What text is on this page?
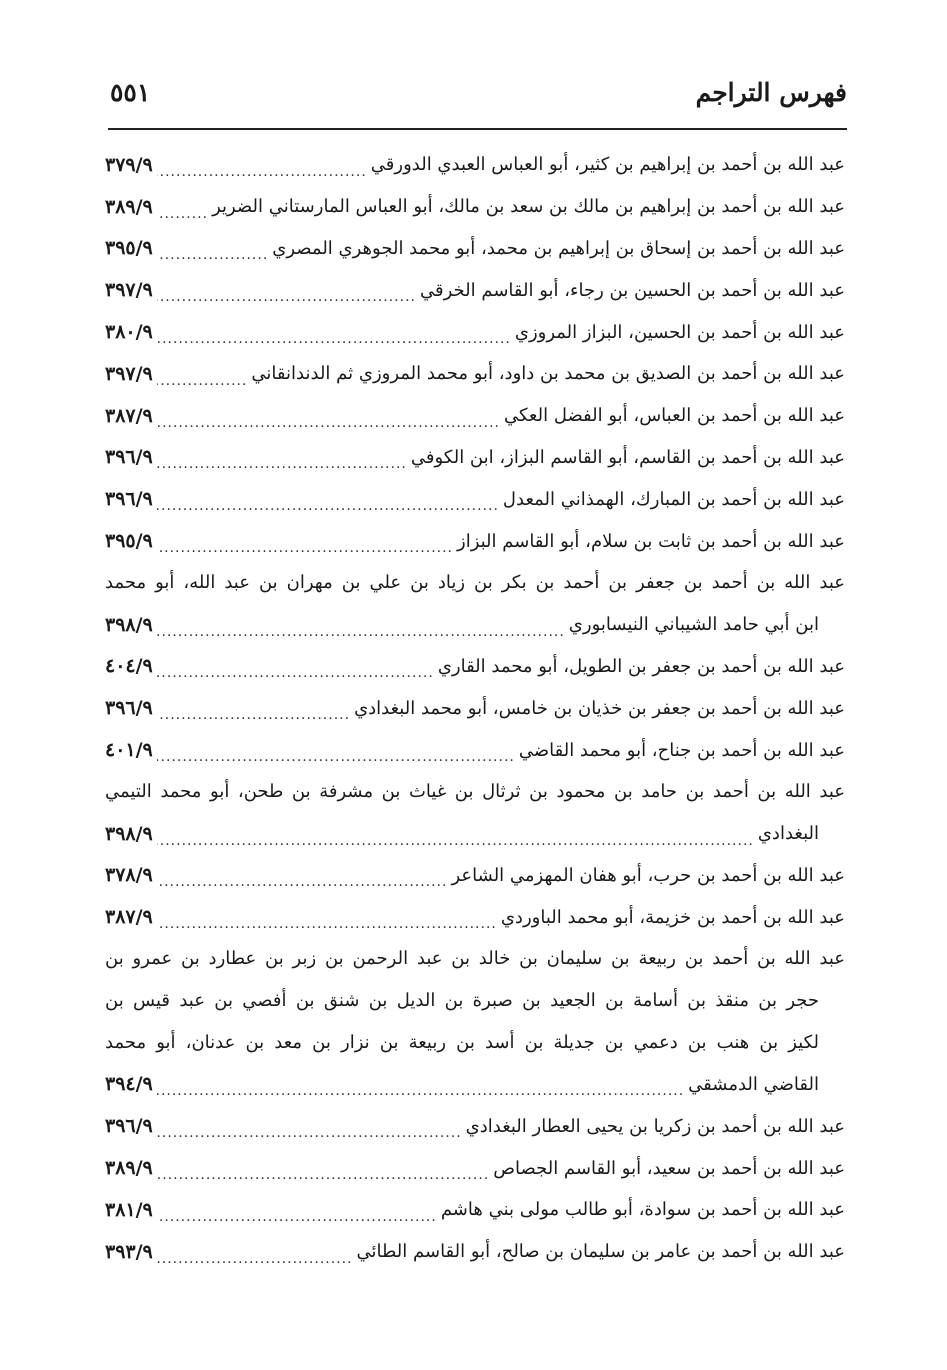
فهرس التراجم
٥٥١
عبد الله بن أحمد بن إبراهيم بن كثير، أبو العباس العبدي الدورقي
.....
٣٧٩/٩
عبد الله بن أحمد بن إبراهيم بن مالك بن سعد بن مالك، أبو العباس المارستاني الضرير
.....
٣٨٩/٩
عبد الله بن أحمد بن إسحاق بن إبراهيم بن محمد، أبو محمد الجوهري المصري
.....
٣٩٥/٩
عبد الله بن أحمد بن الحسين بن رجاء، أبو القاسم الخرقي
.....
٣٩٧/٩
عبد الله بن أحمد بن الحسين، البزاز المروزي
.....
٣٨٠/٩
عبد الله بن أحمد بن الصديق بن محمد بن داود، أبو محمد المروزي ثم الدندانقاني
.....
٣٩٧/٩
عبد الله بن أحمد بن العباس، أبو الفضل العكي
.....
٣٨٧/٩
عبد الله بن أحمد بن القاسم، أبو القاسم البزاز، ابن الكوفي
.....
٣٩٦/٩
عبد الله بن أحمد بن المبارك، الهمذاني المعدل
.....
٣٩٦/٩
عبد الله بن أحمد بن ثابت بن سلام، أبو القاسم البزاز
.....
٣٩٥/٩
عبد الله بن أحمد بن جعفر بن أحمد بن بكر بن زياد بن علي بن مهران بن عبد الله، أبو محمد
ابن أبي حامد الشيباني النيسابوري
.....
٣٩٨/٩
عبد الله بن أحمد بن جعفر بن الطويل، أبو محمد القاري
.....
٤٠٤/٩
عبد الله بن أحمد بن جعفر بن خذيان بن خامس، أبو محمد البغدادي
.....
٣٩٦/٩
عبد الله بن أحمد بن جناح، أبو محمد القاضي
.....
٤٠١/٩
عبد الله بن أحمد بن حامد بن محمود بن ثرثال بن غياث بن مشرفة بن طحن، أبو محمد التيمي
البغدادي
.....
٣٩٨/٩
عبد الله بن أحمد بن حرب، أبو هفان المهزمي الشاعر
.....
٣٧٨/٩
عبد الله بن أحمد بن خزيمة، أبو محمد الباوردي
.....
٣٨٧/٩
عبد الله بن أحمد بن ربيعة بن سليمان بن خالد بن عبد الرحمن بن زبر بن عطارد بن عمرو بن
حجر بن منقذ بن أسامة بن الجعيد بن صبرة بن الديل بن شنق بن أفصي بن عبد قيس بن
لكيز بن هنب بن دعمي بن جديلة بن أسد بن ربيعة بن نزار بن معد بن عدنان، أبو محمد
القاضي الدمشقي
.....
٣٩٤/٩
عبد الله بن أحمد بن زكريا بن يحيى العطار البغدادي
.....
٣٩٦/٩
عبد الله بن أحمد بن سعيد، أبو القاسم الجصاص
.....
٣٨٩/٩
عبد الله بن أحمد بن سوادة، أبو طالب مولى بني هاشم
.....
٣٨١/٩
عبد الله بن أحمد بن عامر بن سليمان بن صالح، أبو القاسم الطائي
.....
٣٩٣/٩
